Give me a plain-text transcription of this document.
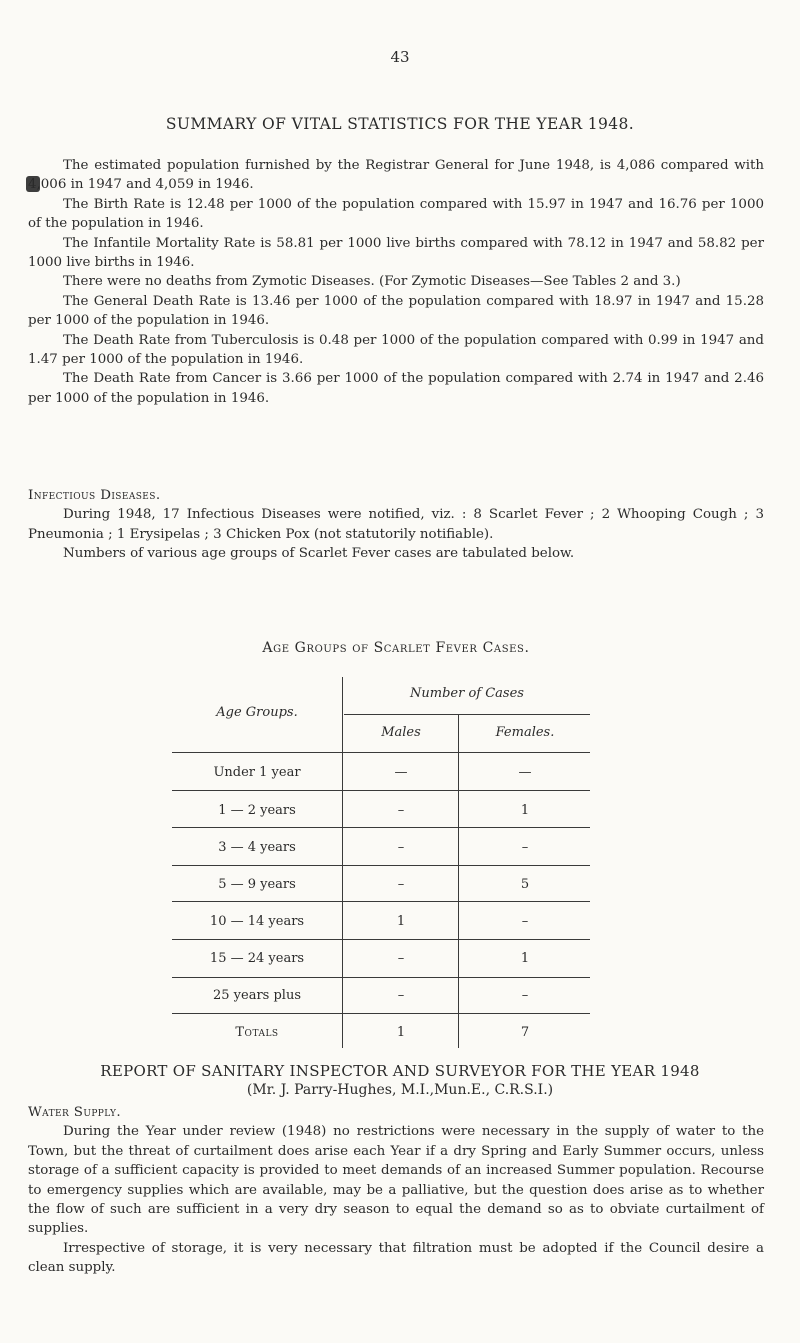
43
SUMMARY OF VITAL STATISTICS FOR THE YEAR 1948.

The estimated population furnished by the Registrar General for June 1948, is 4,086 compared with 4,006 in 1947 and 4,059 in 1946.

The Birth Rate is 12.48 per 1000 of the population compared with 15.97 in 1947 and 16.76 per 1000 of the population in 1946.

The Infantile Mortality Rate is 58.81 per 1000 live births compared with 78.12 in 1947 and 58.82 per 1000 live births in 1946.

There were no deaths from Zymotic Diseases. (For Zymotic Diseases—See Tables 2 and 3.)

The General Death Rate is 13.46 per 1000 of the population compared with 18.97 in 1947 and 15.28 per 1000 of the population in 1946.

The Death Rate from Tuberculosis is 0.48 per 1000 of the population compared with 0.99 in 1947 and 1.47 per 1000 of the population in 1946.

The Death Rate from Cancer is 3.66 per 1000 of the population compared with 2.74 in 1947 and 2.46 per 1000 of the population in 1946.

Infectious Diseases.

During 1948, 17 Infectious Diseases were notified, viz. : 8 Scarlet Fever ; 2 Whooping Cough ; 3 Pneumonia ; 1 Erysipelas ; 3 Chicken Pox (not statutorily notifiable).

Numbers of various age groups of Scarlet Fever cases are tabulated below.

Age Groups of Scarlet Fever Cases.
Age Groups.
Number of Cases
Males	Females.
Under 1 year	—	—
1 — 2 years	–	1
3 — 4 years	–	–
5 — 9 years	–	5
10 — 14 years	1	–
15 — 24 years	–	1
25 years plus	–	–
Totals	1	7
REPORT OF SANITARY INSPECTOR AND SURVEYOR FOR THE YEAR 1948
(Mr. J. Parry-Hughes, M.I.,Mun.E., C.R.S.I.)

Water Supply.

During the Year under review (1948) no restrictions were necessary in the supply of water to the Town, but the threat of curtailment does arise each Year if a dry Spring and Early Summer occurs, unless storage of a sufficient capacity is provided to meet demands of an increased Summer population. Recourse to emergency supplies which are available, may be a palliative, but the question does arise as to whether the flow of such are sufficient in a very dry season to equal the demand so as to obviate curtailment of supplies.

Irrespective of storage, it is very necessary that filtration must be adopted if the Council desire a clean supply.
